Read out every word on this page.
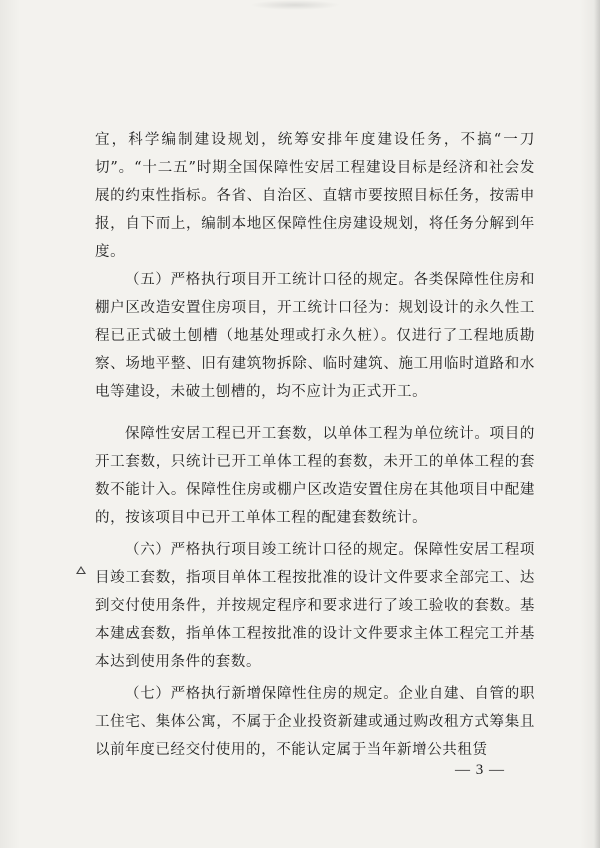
宜，科学编制建设规划，统筹安排年度建设任务，不搞“一刀切”。“十二五”时期全国保障性安居工程建设目标是经济和社会发展的约束性指标。各省、自治区、直辖市要按照目标任务，按需申报，自下而上，编制本地区保障性住房建设规划，将任务分解到年度。
（五）严格执行项目开工统计口径的规定。各类保障性住房和棚户区改造安置住房项目，开工统计口径为：规划设计的永久性工程已正式破土刨槽（地基处理或打永久桩）。仅进行了工程地质勘察、场地平整、旧有建筑物拆除、临时建筑、施工用临时道路和水电等建设，未破土刨槽的，均不应计为正式开工。
保障性安居工程已开工套数，以单体工程为单位统计。项目的开工套数，只统计已开工单体工程的套数，未开工的单体工程的套数不能计入。保障性住房或棚户区改造安置住房在其他项目中配建的，按该项目中已开工单体工程的配建套数统计。
（六）严格执行项目竣工统计口径的规定。保障性安居工程项目竣工套数，指项目单体工程按批准的设计文件要求全部完工、达到交付使用条件，并按规定程序和要求进行了竣工验收的套数。基本建成套数，指单体工程按批准的设计文件要求主体工程完工并基本达到使用条件的套数。
（七）严格执行新增保障性住房的规定。企业自建、自管的职工住宅、集体公寓，不属于企业投资新建或通过购改租方式筹集且以前年度已经交付使用的，不能认定属于当年新增公共租赁
— 3 —
